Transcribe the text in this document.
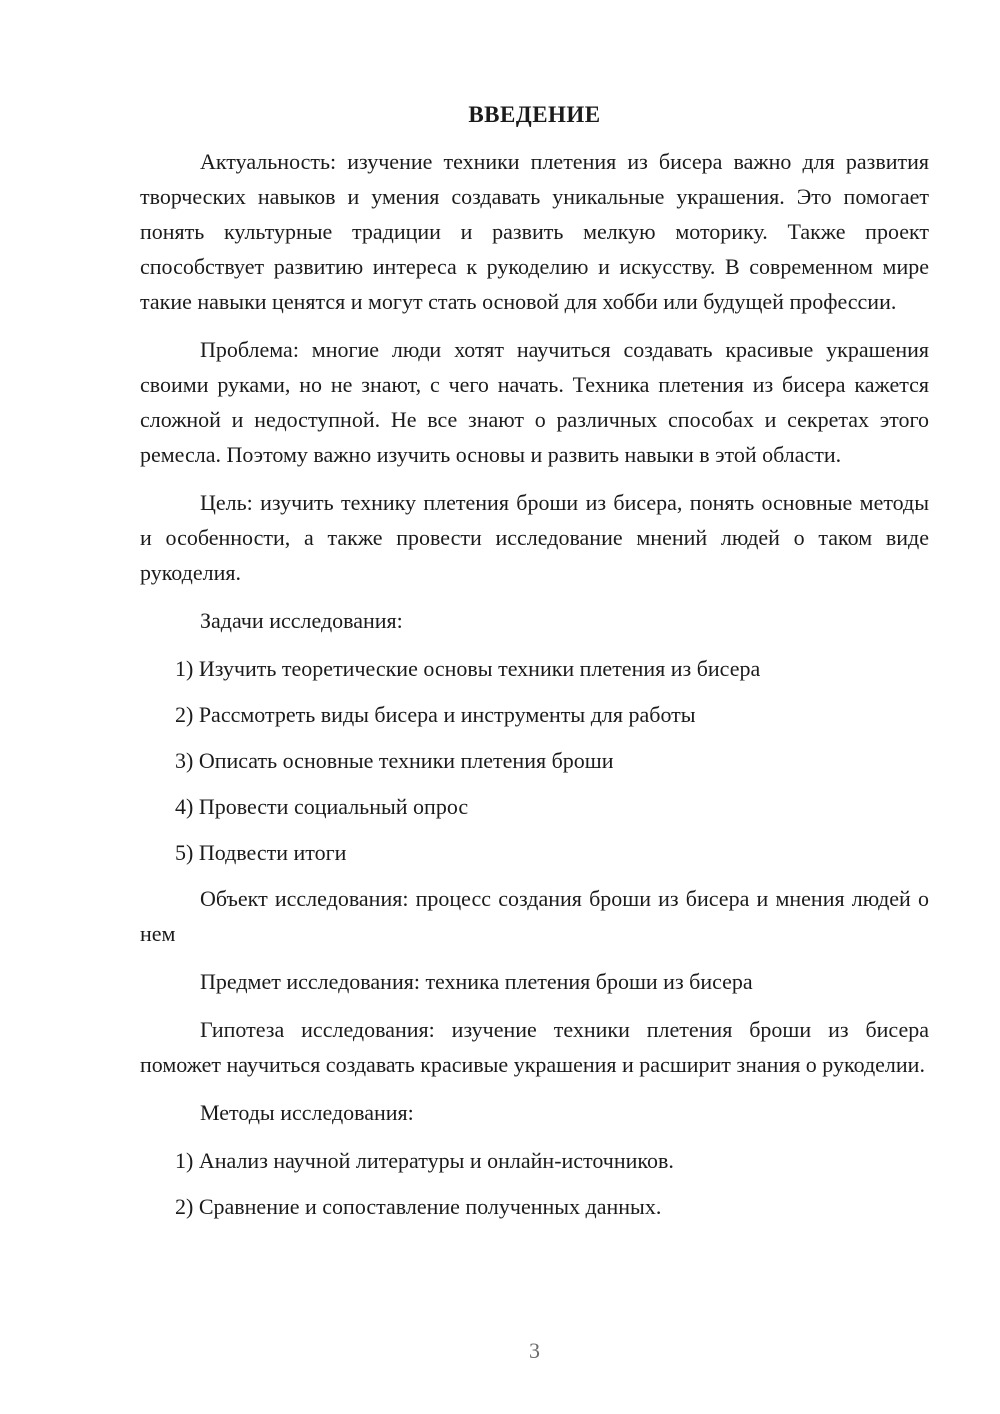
ВВЕДЕНИЕ

Актуальность: изучение техники плетения из бисера важно для развития творческих навыков и умения создавать уникальные украшения. Это помогает понять культурные традиции и развить мелкую моторику. Также проект способствует развитию интереса к рукоделию и искусству. В современном мире такие навыки ценятся и могут стать основой для хобби или будущей профессии.

Проблема: многие люди хотят научиться создавать красивые украшения своими руками, но не знают, с чего начать. Техника плетения из бисера кажется сложной и недоступной. Не все знают о различных способах и секретах этого ремесла. Поэтому важно изучить основы и развить навыки в этой области.

Цель: изучить технику плетения броши из бисера, понять основные методы и особенности, а также провести исследование мнений людей о таком виде рукоделия.

Задачи исследования:

1) Изучить теоретические основы техники плетения из бисера

2) Рассмотреть виды бисера и инструменты для работы

3) Описать основные техники плетения броши

4) Провести социальный опрос

5) Подвести итоги

Объект исследования: процесс создания броши из бисера и мнения людей о нем

Предмет исследования: техника плетения броши из бисера

Гипотеза исследования: изучение техники плетения броши из бисера поможет научиться создавать красивые украшения и расширит знания о рукоделии.

Методы исследования:

1) Анализ научной литературы и онлайн-источников.

2) Сравнение и сопоставление полученных данных.

3
